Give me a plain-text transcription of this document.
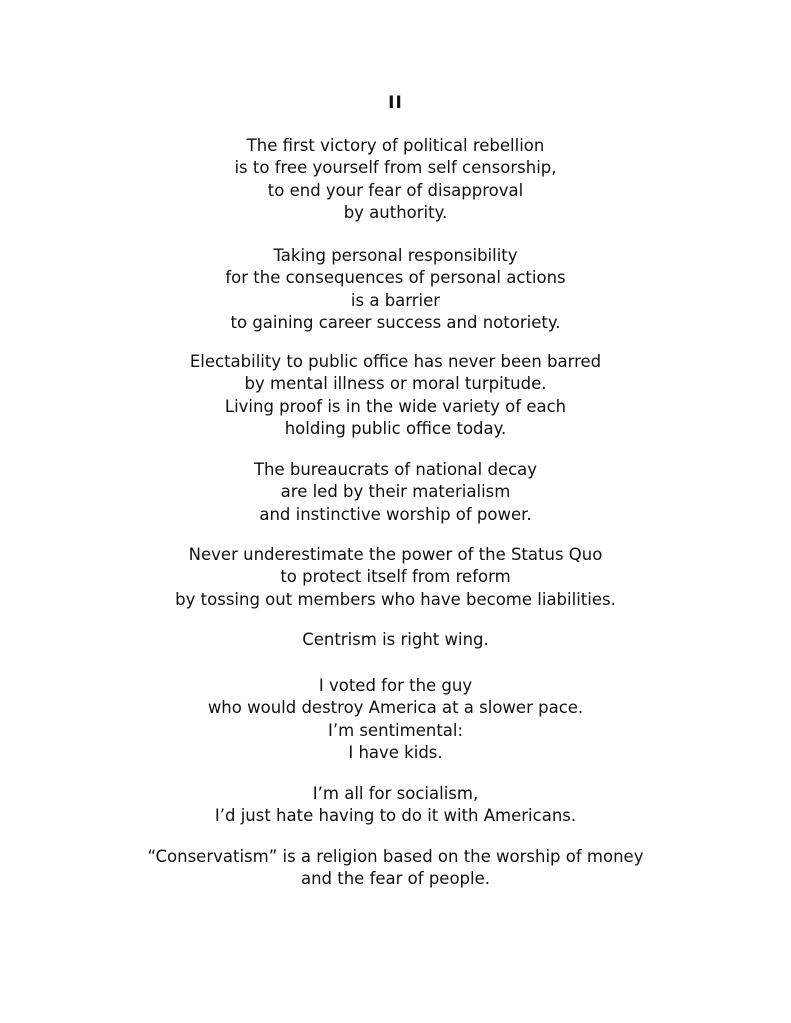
II
The first victory of political rebellion
is to free yourself from self censorship,
to end your fear of disapproval
by authority.
Taking personal responsibility
for the consequences of personal actions
is a barrier
to gaining career success and notoriety.
Electability to public office has never been barred
by mental illness or moral turpitude.
Living proof is in the wide variety of each
holding public office today.
The bureaucrats of national decay
are led by their materialism
and instinctive worship of power.
Never underestimate the power of the Status Quo
to protect itself from reform
by tossing out members who have become liabilities.
Centrism is right wing.
I voted for the guy
who would destroy America at a slower pace.
I’m sentimental:
I have kids.
I’m all for socialism,
I’d just hate having to do it with Americans.
“Conservatism” is a religion based on the worship of money
and the fear of people.
